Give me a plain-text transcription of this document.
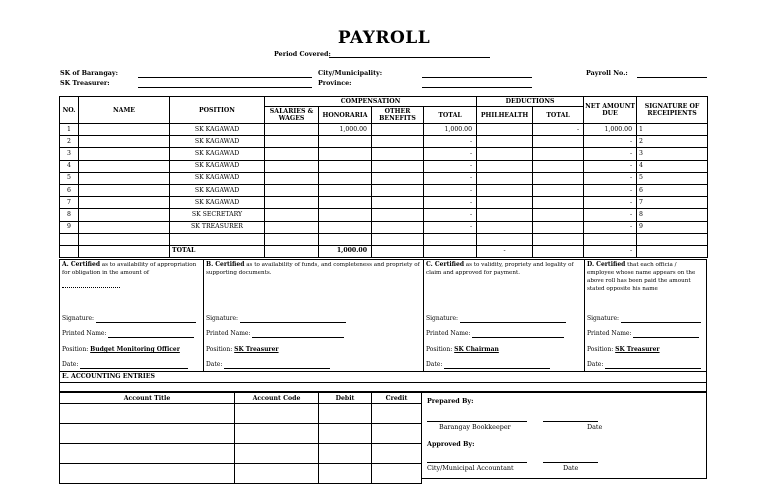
PAYROLL
Period Covered:
SK of Barangay:
SK Treasurer:
City/Municipality:
Province:
Payroll No.:
NO.	NAME	POSITION	COMPENSATION				DEDUCTIONS		NET AMOUNT DUE	SIGNATURE OF RECEIPIENTS
			SALARIES & WAGES	HONORARIA	OTHER BENEFITS	TOTAL	PHILHEALTH	TOTAL		
1		SK KAGAWAD		1,000.00		1,000.00		-	1,000.00	1
2		SK KAGAWAD				-			-	2
3		SK KAGAWAD				-			-	3
4		SK KAGAWAD				-			-	4
5		SK KAGAWAD				-			-	5
6		SK KAGAWAD				-			-	6
7		SK KAGAWAD				-			-	7
8		SK SECRETARY				-			-	8
9		SK TREASURER				-			-	9

		TOTAL		1,000.00			-		-	
A. Certified as to availability of appropriation for obligation in the amount of
Signature:
Printed Name:
Position: Budget Monitoring Officer
Date:
B. Certified as to availability of funds, and completeness and propriety of supporting documents.
Signature:
Printed Name:
Position: SK Treasurer
Date:
C. Certified as to validity, propriety and legality of claim and approved for payment.
Signature:
Printed Name:
Position: SK Chairman
Date:
D. Certified that each officia / employee whose name appears on the above roll has been paid the amount stated opposite his name
Signature:
Printed Name:
Position: SK Treasurer
Date:
E. ACCOUNTING ENTRIES
Account Title	Account Code	Debit	Credit

				Prepared By:
Barangay Bookkeeper	Date
Approved By:
City/Municipal Accountant	Date
